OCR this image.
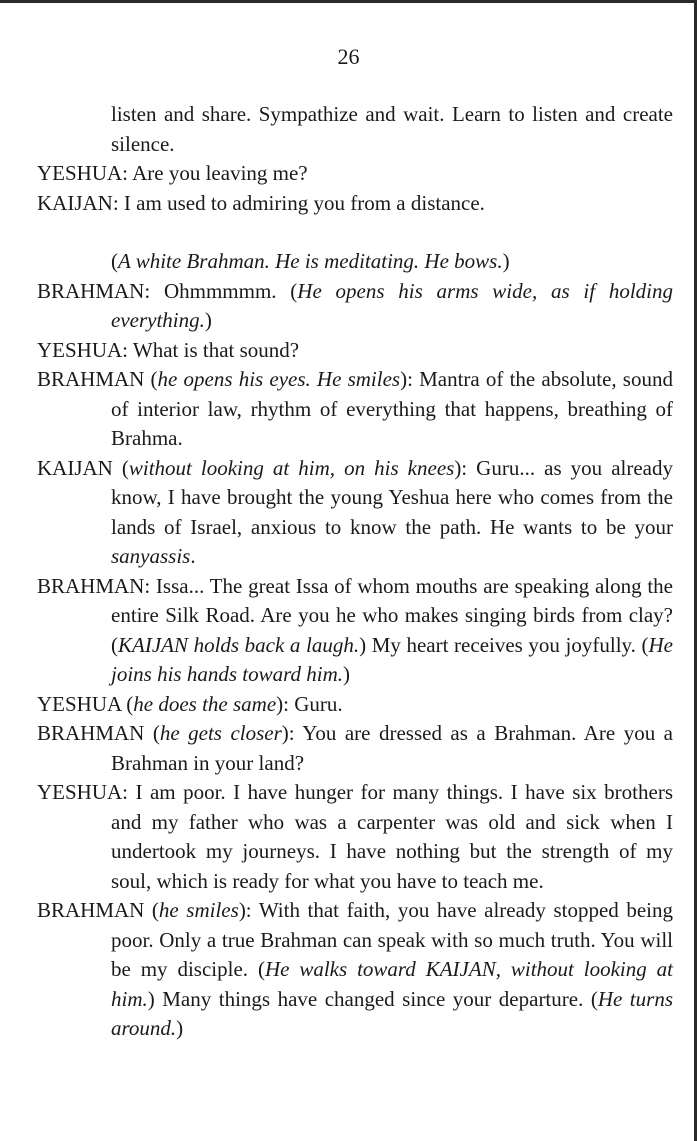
26
listen and share. Sympathize and wait. Learn to listen and create silence.
YESHUA: Are you leaving me?
KAIJAN: I am used to admiring you from a distance.
(A white Brahman. He is meditating. He bows.)
BRAHMAN: Ohmmmmm. (He opens his arms wide, as if holding everything.)
YESHUA: What is that sound?
BRAHMAN (he opens his eyes. He smiles): Mantra of the absolute, sound of interior law, rhythm of everything that happens, breathing of Brahma.
KAIJAN (without looking at him, on his knees): Guru... as you already know, I have brought the young Yeshua here who comes from the lands of Israel, anxious to know the path. He wants to be your sanyassis.
BRAHMAN: Issa... The great Issa of whom mouths are speaking along the entire Silk Road. Are you he who makes singing birds from clay? (KAIJAN holds back a laugh.) My heart receives you joyfully. (He joins his hands toward him.)
YESHUA (he does the same): Guru.
BRAHMAN (he gets closer): You are dressed as a Brahman. Are you a Brahman in your land?
YESHUA: I am poor. I have hunger for many things. I have six brothers and my father who was a carpenter was old and sick when I undertook my journeys. I have nothing but the strength of my soul, which is ready for what you have to teach me.
BRAHMAN (he smiles): With that faith, you have already stopped being poor. Only a true Brahman can speak with so much truth. You will be my disciple. (He walks toward KAIJAN, without looking at him.) Many things have changed since your departure. (He turns around.)
